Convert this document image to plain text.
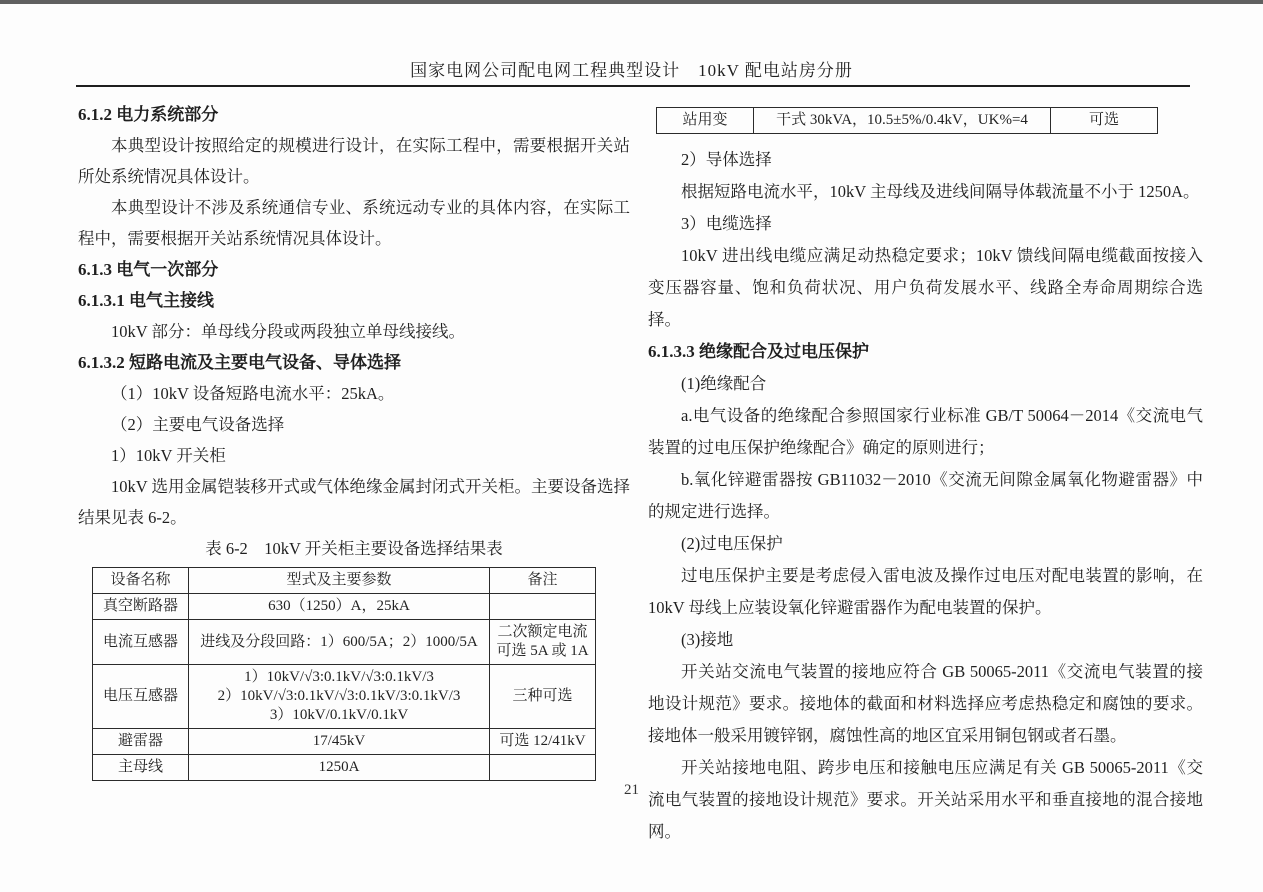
国家电网公司配电网工程典型设计　10kV 配电站房分册
6.1.2 电力系统部分

本典型设计按照给定的规模进行设计，在实际工程中，需要根据开关站所处系统情况具体设计。

本典型设计不涉及系统通信专业、系统远动专业的具体内容，在实际工程中，需要根据开关站系统情况具体设计。

6.1.3 电气一次部分
6.1.3.1 电气主接线

10kV 部分：单母线分段或两段独立单母线接线。

6.1.3.2 短路电流及主要电气设备、导体选择

（1）10kV 设备短路电流水平：25kA。

（2）主要电气设备选择

1）10kV 开关柜

10kV 选用金属铠装移开式或气体绝缘金属封闭式开关柜。主要设备选择结果见表 6-2。

表 6-2　10kV 开关柜主要设备选择结果表
设备名称	型式及主要参数	备注
真空断路器	630（1250）A，25kA	
电流互感器	进线及分段回路：1）600/5A；2）1000/5A	二次额定电流可选 5A 或 1A
电压互感器	1）10kV/√3:0.1kV/√3:0.1kV/3
2）10kV/√3:0.1kV/√3:0.1kV/3:0.1kV/3
3）10kV/0.1kV/0.1kV	三种可选
避雷器	17/45kV	可选 12/41kV
主母线	1250A	
站用变	干式 30kVA，10.5±5%/0.4kV，UK%=4	可选

2）导体选择

根据短路电流水平，10kV 主母线及进线间隔导体载流量不小于 1250A。

3）电缆选择

10kV 进出线电缆应满足动热稳定要求；10kV 馈线间隔电缆截面按接入变压器容量、饱和负荷状况、用户负荷发展水平、线路全寿命周期综合选择。

6.1.3.3 绝缘配合及过电压保护

(1)绝缘配合

a.电气设备的绝缘配合参照国家行业标准 GB/T 50064－2014《交流电气装置的过电压保护绝缘配合》确定的原则进行；

b.氧化锌避雷器按 GB11032－2010《交流无间隙金属氧化物避雷器》中的规定进行选择。

(2)过电压保护

过电压保护主要是考虑侵入雷电波及操作过电压对配电装置的影响，在10kV 母线上应装设氧化锌避雷器作为配电装置的保护。

(3)接地

开关站交流电气装置的接地应符合 GB 50065-2011《交流电气装置的接地设计规范》要求。接地体的截面和材料选择应考虑热稳定和腐蚀的要求。接地体一般采用镀锌钢，腐蚀性高的地区宜采用铜包钢或者石墨。

开关站接地电阻、跨步电压和接触电压应满足有关 GB 50065-2011《交流电气装置的接地设计规范》要求。开关站采用水平和垂直接地的混合接地网。

21
